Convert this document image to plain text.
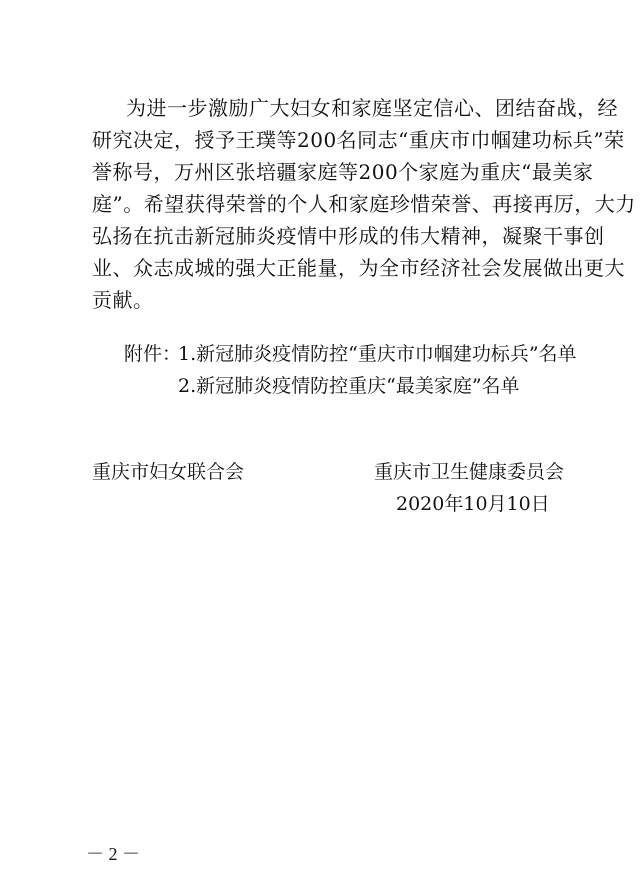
为进一步激励广大妇女和家庭坚定信心、团结奋战，经
研究决定，授予王璞等200名同志“重庆市巾帼建功标兵”荣
誉称号，万州区张培疆家庭等200个家庭为重庆“最美家
庭”。希望获得荣誉的个人和家庭珍惜荣誉、再接再厉，大力
弘扬在抗击新冠肺炎疫情中形成的伟大精神，凝聚干事创
业、众志成城的强大正能量，为全市经济社会发展做出更大
贡献。
附件：
1.新冠肺炎疫情防控“重庆市巾帼建功标兵”名单
2.新冠肺炎疫情防控重庆“最美家庭”名单
重庆市妇女联合会	重庆市卫生健康委员会
2020年10月10日
－ 2 －
